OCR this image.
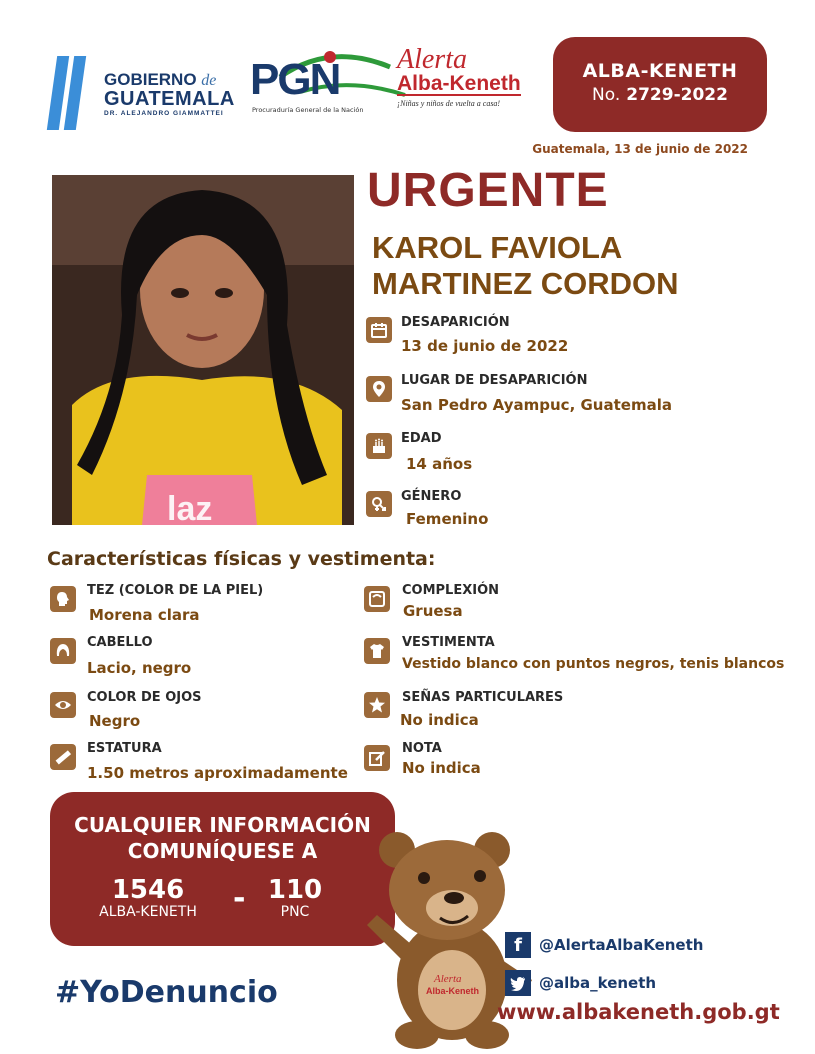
GOBIERNO de
GUATEMALA
DR. ALEJANDRO GIAMMATTEI
PGN
Procuraduría General de la Nación
Alerta
Alba-Keneth
¡Niñas y niños de vuelta a casa!
ALBA-KENETH
No. 2729-2022
Guatemala, 13 de junio de 2022
laz
URGENTE
KAROL FAVIOLA
MARTINEZ CORDON
DESAPARICIÓN
13 de junio de 2022
LUGAR DE DESAPARICIÓN
San Pedro Ayampuc, Guatemala
EDAD
14 años
GÉNERO
Femenino
Características físicas y vestimenta:
TEZ (COLOR DE LA PIEL)
Morena clara
CABELLO
Lacio, negro
COLOR DE OJOS
Negro
ESTATURA
1.50 metros aproximadamente
COMPLEXIÓN
Gruesa
VESTIMENTA
Vestido blanco con puntos negros, tenis blancos
SEÑAS PARTICULARES
No indica
NOTA
No indica
CUALQUIER INFORMACIÓN
COMUNÍQUESE A
1546
ALBA-KENETH	- 110
PNC
Alerta
Alba-Keneth
#YoDenuncio
f	@AlertaAlbaKeneth
@alba_keneth
www.albakeneth.gob.gt
